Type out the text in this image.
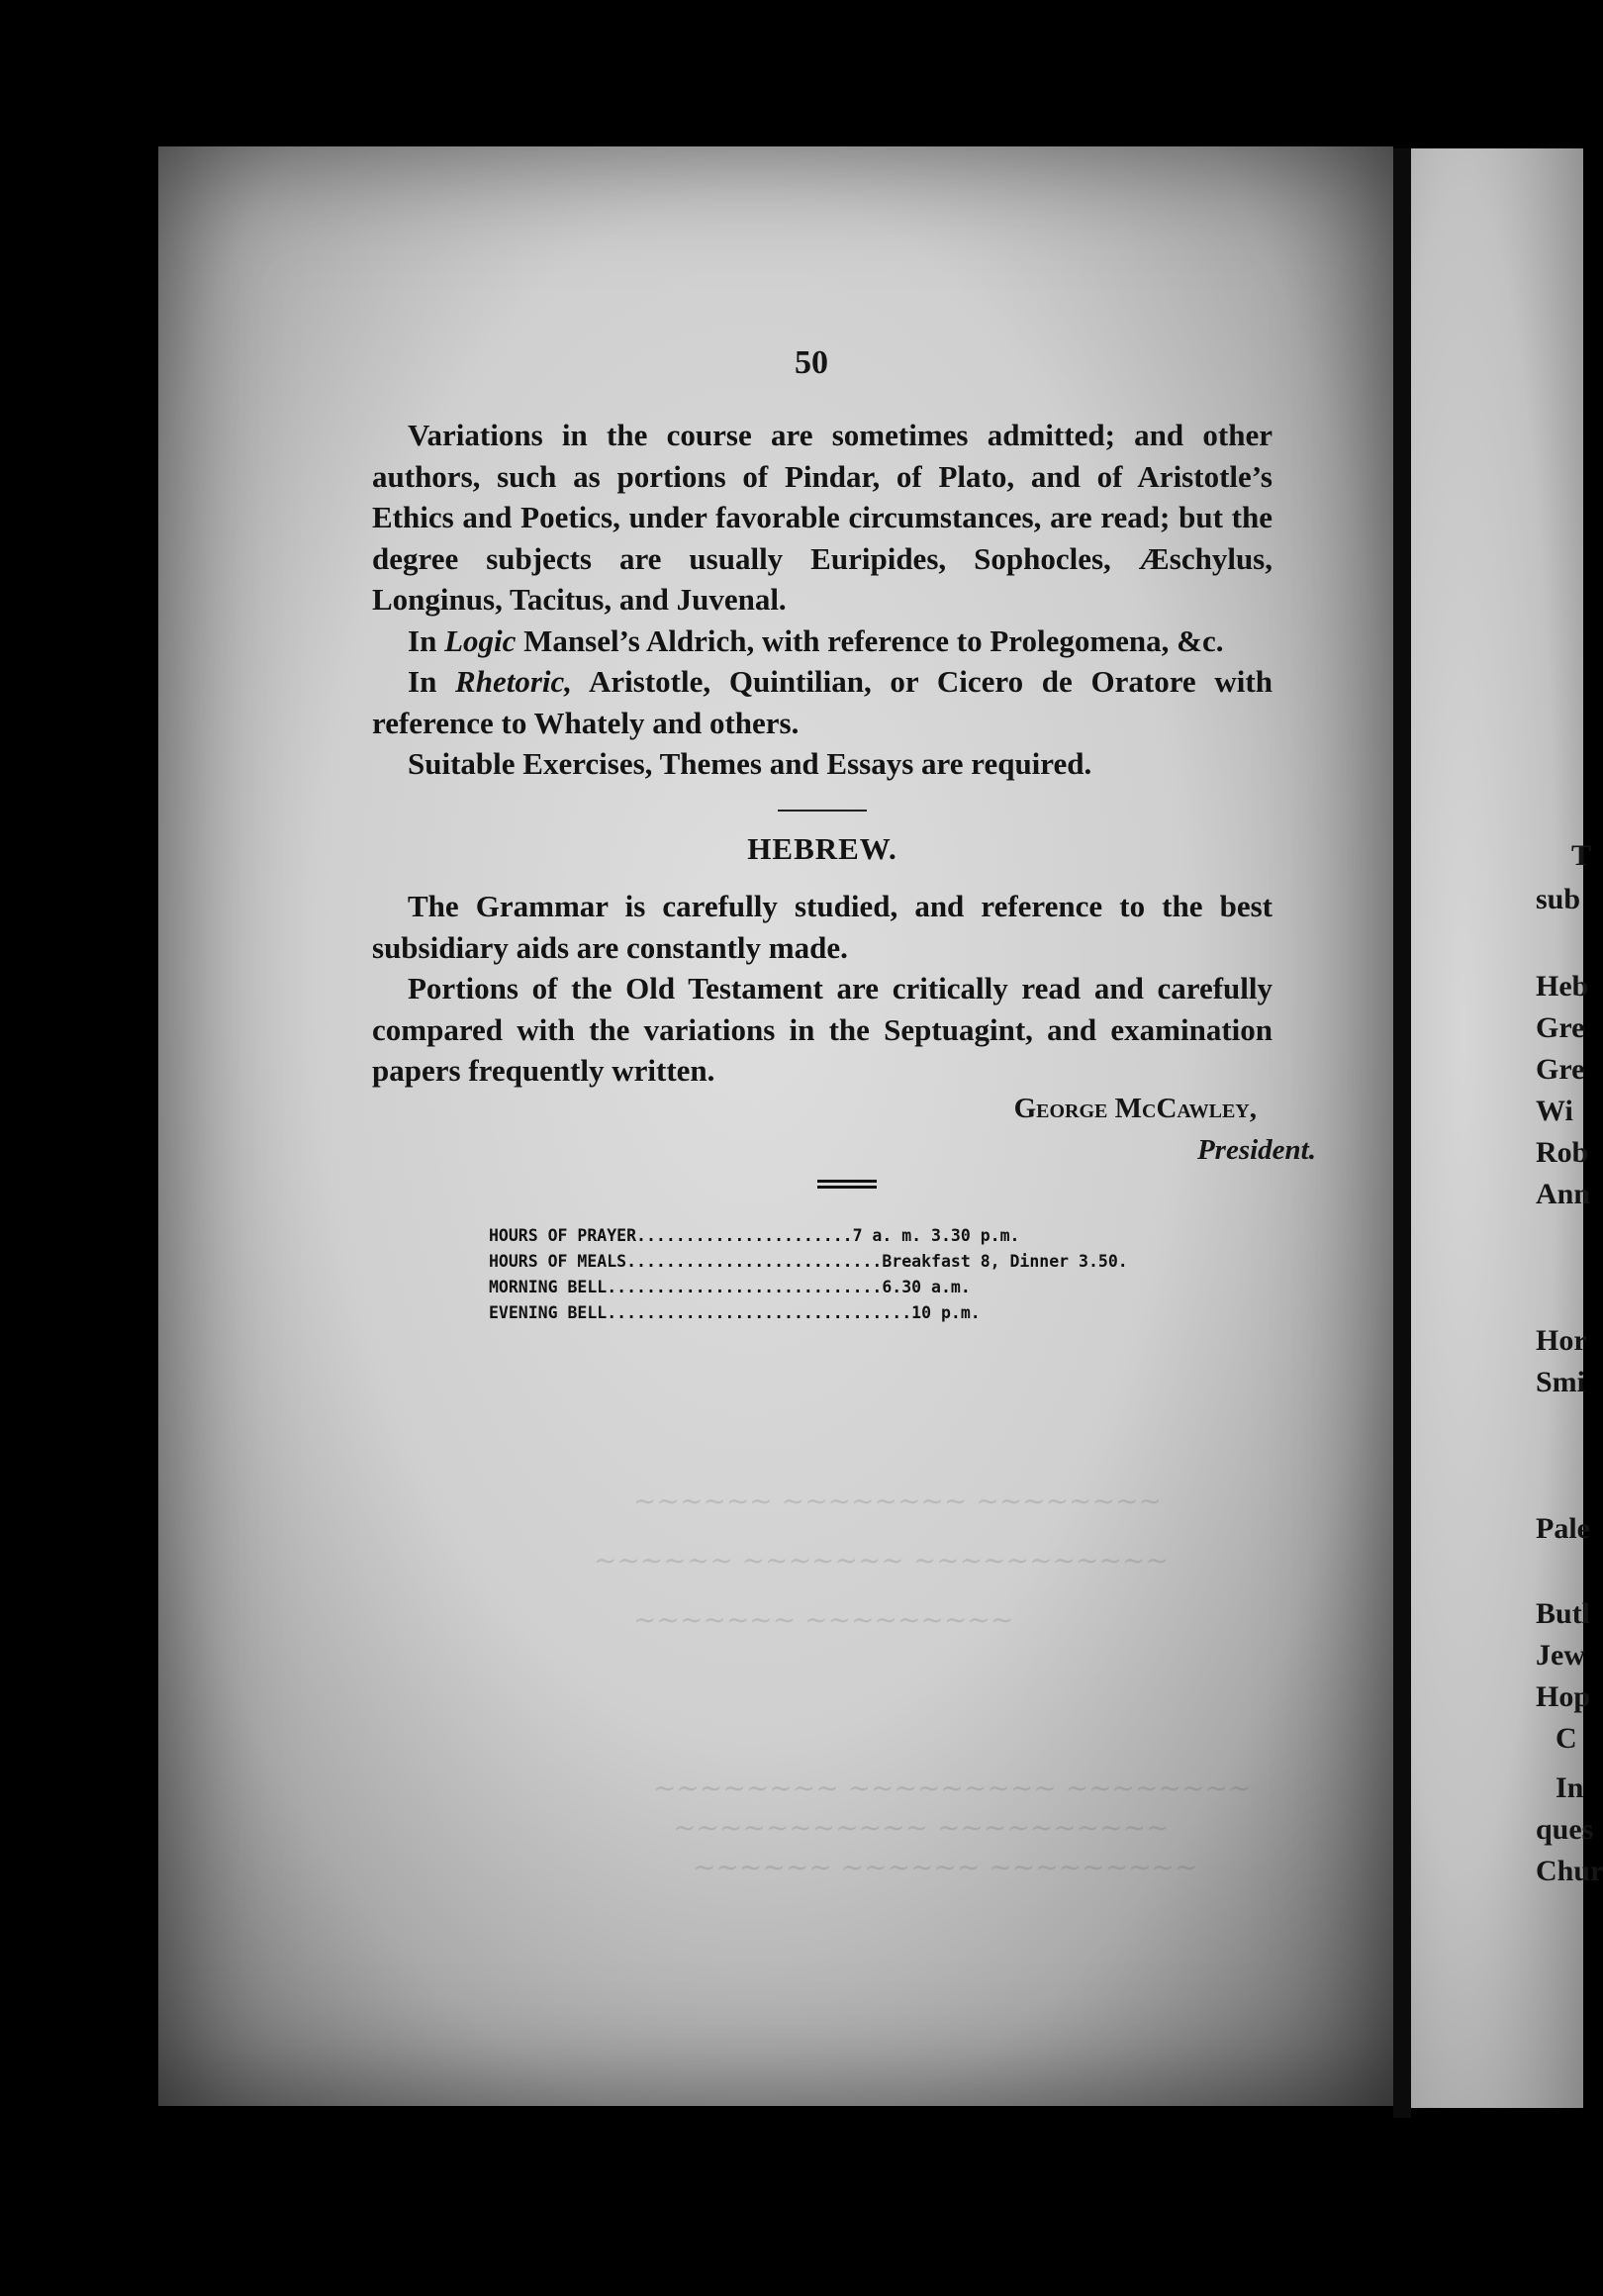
~~~~~~ ~~~~~~~~ ~~~~~~~~
~~~~~~ ~~~~~~~ ~~~~~~~~~~~
~~~~~~~ ~~~~~~~~~
~~~~~~~~ ~~~~~~~~~ ~~~~~~~~
~~~~~~~~~~~ ~~~~~~~~~~
~~~~~~ ~~~~~~ ~~~~~~~~~
50

Variations in the course are sometimes admitted; and other authors, such as portions of Pindar, of Plato, and of Aristotle’s Ethics and Poetics, under favorable circumstances, are read; but the degree subjects are usually Euripides, Sophocles, Æschylus, Longinus, Tacitus, and Juvenal.

In Logic Mansel’s Aldrich, with reference to Prolegomena, &c.

In Rhetoric, Aristotle, Quintilian, or Cicero de Oratore with reference to Whately and others.

Suitable Exercises, Themes and Essays are required.

HEBREW.

The Grammar is carefully studied, and reference to the best subsidiary aids are constantly made.

Portions of the Old Testament are critically read and carefully compared with the variations in the Septuagint, and examination papers frequently written.

George McCawley,
President.
HOURS OF PRAYER ...................... 7 a. m. 3.30 p.m.
HOURS OF MEALS .......................... Breakfast 8, Dinner 3.50.
MORNING BELL ............................ 6.30 a.m.
EVENING BELL ............................... 10 p.m.
T
sub
Heb
Gre
Gre
Wi
Rob
Ann
Hor
Smi
Pale
Butl
Jew
Hop
C
In
ques
Chur
